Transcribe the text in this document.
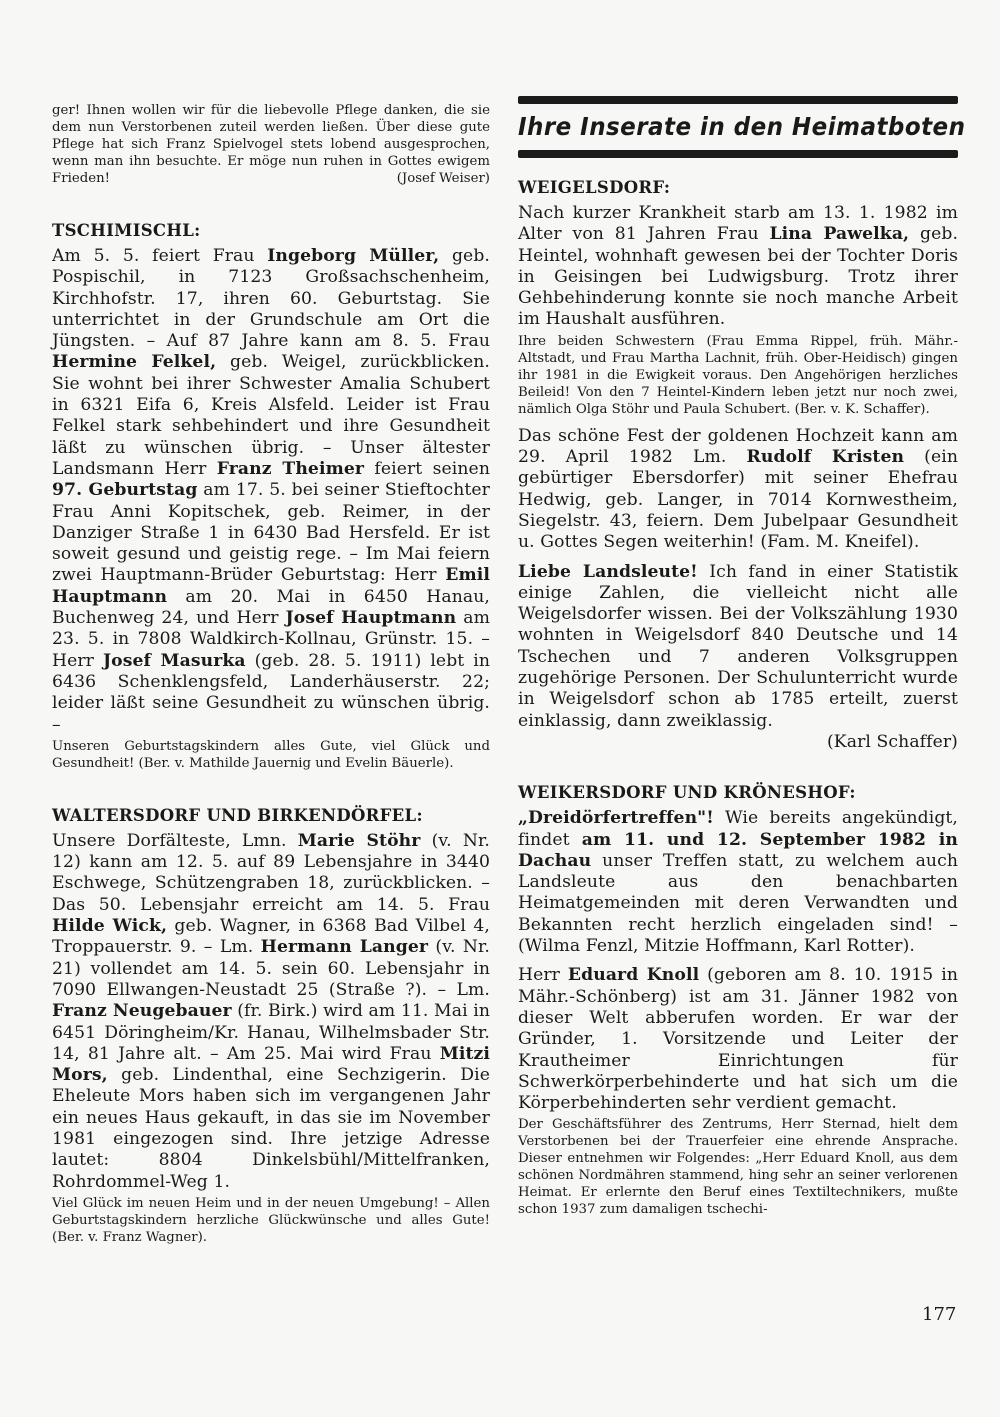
ger! Ihnen wollen wir für die liebevolle Pflege danken, die sie dem nun Verstorbenen zuteil werden ließen. Über diese gute Pflege hat sich Franz Spielvogel stets lobend ausgesprochen, wenn man ihn besuchte. Er möge nun ruhen in Gottes ewigem Frieden!	(Josef Weiser)

TSCHIMISCHL:

Am 5. 5. feiert Frau Ingeborg Müller, geb. Pospischil, in 7123 Großsachschenheim, Kirchhofstr. 17, ihren 60. Geburtstag. Sie unterrichtet in der Grundschule am Ort die Jüngsten. – Auf 87 Jahre kann am 8. 5. Frau Hermine Felkel, geb. Weigel, zurückblicken. Sie wohnt bei ihrer Schwester Amalia Schubert in 6321 Eifa 6, Kreis Alsfeld. Leider ist Frau Felkel stark sehbehindert und ihre Gesundheit läßt zu wünschen übrig. – Unser ältester Landsmann Herr Franz Theimer feiert seinen 97. Geburtstag am 17. 5. bei seiner Stieftochter Frau Anni Kopitschek, geb. Reimer, in der Danziger Straße 1 in 6430 Bad Hersfeld. Er ist soweit gesund und geistig rege. – Im Mai feiern zwei Hauptmann-Brüder Geburtstag: Herr Emil Hauptmann am 20. Mai in 6450 Hanau, Buchenweg 24, und Herr Josef Hauptmann am 23. 5. in 7808 Waldkirch-Kollnau, Grünstr. 15. – Herr Josef Masurka (geb. 28. 5. 1911) lebt in 6436 Schenklengsfeld, Landerhäuserstr. 22; leider läßt seine Gesundheit zu wünschen übrig. –

Unseren Geburtstagskindern alles Gute, viel Glück und Gesundheit! (Ber. v. Mathilde Jauernig und Evelin Bäuerle).

WALTERSDORF UND BIRKENDÖRFEL:

Unsere Dorfälteste, Lmn. Marie Stöhr (v. Nr. 12) kann am 12. 5. auf 89 Lebensjahre in 3440 Eschwege, Schützengraben 18, zurückblicken. – Das 50. Lebensjahr erreicht am 14. 5. Frau Hilde Wick, geb. Wagner, in 6368 Bad Vilbel 4, Troppauerstr. 9. – Lm. Hermann Langer (v. Nr. 21) vollendet am 14. 5. sein 60. Lebensjahr in 7090 Ellwangen-Neustadt 25 (Straße ?). – Lm. Franz Neugebauer (fr. Birk.) wird am 11. Mai in 6451 Döringheim/Kr. Hanau, Wilhelmsbader Str. 14, 81 Jahre alt. – Am 25. Mai wird Frau Mitzi Mors, geb. Lindenthal, eine Sechzigerin. Die Eheleute Mors haben sich im vergangenen Jahr ein neues Haus gekauft, in das sie im November 1981 eingezogen sind. Ihre jetzige Adresse lautet: 8804 Dinkelsbühl/Mittelfranken, Rohrdommel-Weg 1.

Viel Glück im neuen Heim und in der neuen Umgebung! – Allen Geburtstagskindern herzliche Glückwünsche und alles Gute! (Ber. v. Franz Wagner).

Ihre Inserate in den Heimatboten
WEIGELSDORF:

Nach kurzer Krankheit starb am 13. 1. 1982 im Alter von 81 Jahren Frau Lina Pawelka, geb. Heintel, wohnhaft gewesen bei der Tochter Doris in Geisingen bei Ludwigsburg. Trotz ihrer Gehbehinderung konnte sie noch manche Arbeit im Haushalt ausführen.

Ihre beiden Schwestern (Frau Emma Rippel, früh. Mähr.-Altstadt, und Frau Martha Lachnit, früh. Ober-Heidisch) gingen ihr 1981 in die Ewigkeit voraus. Den Angehörigen herzliches Beileid! Von den 7 Heintel-Kindern leben jetzt nur noch zwei, nämlich Olga Stöhr und Paula Schubert. (Ber. v. K. Schaffer).

Das schöne Fest der goldenen Hochzeit kann am 29. April 1982 Lm. Rudolf Kristen (ein gebürtiger Ebersdorfer) mit seiner Ehefrau Hedwig, geb. Langer, in 7014 Kornwestheim, Siegelstr. 43, feiern. Dem Jubelpaar Gesundheit u. Gottes Segen weiterhin! (Fam. M. Kneifel).

Liebe Landsleute! Ich fand in einer Statistik einige Zahlen, die vielleicht nicht alle Weigelsdorfer wissen. Bei der Volkszählung 1930 wohnten in Weigelsdorf 840 Deutsche und 14 Tschechen und 7 anderen Volksgruppen zugehörige Personen. Der Schulunterricht wurde in Weigelsdorf schon ab 1785 erteilt, zuerst einklassig, dann zweiklassig.

(Karl Schaffer)

WEIKERSDORF UND KRÖNESHOF:

„Dreidörfertreffen"! Wie bereits angekündigt, findet am 11. und 12. September 1982 in Dachau unser Treffen statt, zu welchem auch Landsleute aus den benachbarten Heimatgemeinden mit deren Verwandten und Bekannten recht herzlich eingeladen sind! – (Wilma Fenzl, Mitzie Hoffmann, Karl Rotter).

Herr Eduard Knoll (geboren am 8. 10. 1915 in Mähr.-Schönberg) ist am 31. Jänner 1982 von dieser Welt abberufen worden. Er war der Gründer, 1. Vorsitzende und Leiter der Krautheimer Einrichtungen für Schwerkörperbehinderte und hat sich um die Körperbehinderten sehr verdient gemacht.

Der Geschäftsführer des Zentrums, Herr Sternad, hielt dem Verstorbenen bei der Trauerfeier eine ehrende Ansprache. Dieser entnehmen wir Folgendes: „Herr Eduard Knoll, aus dem schönen Nordmähren stammend, hing sehr an seiner verlorenen Heimat. Er erlernte den Beruf eines Textiltechnikers, mußte schon 1937 zum damaligen tschechi-

177
